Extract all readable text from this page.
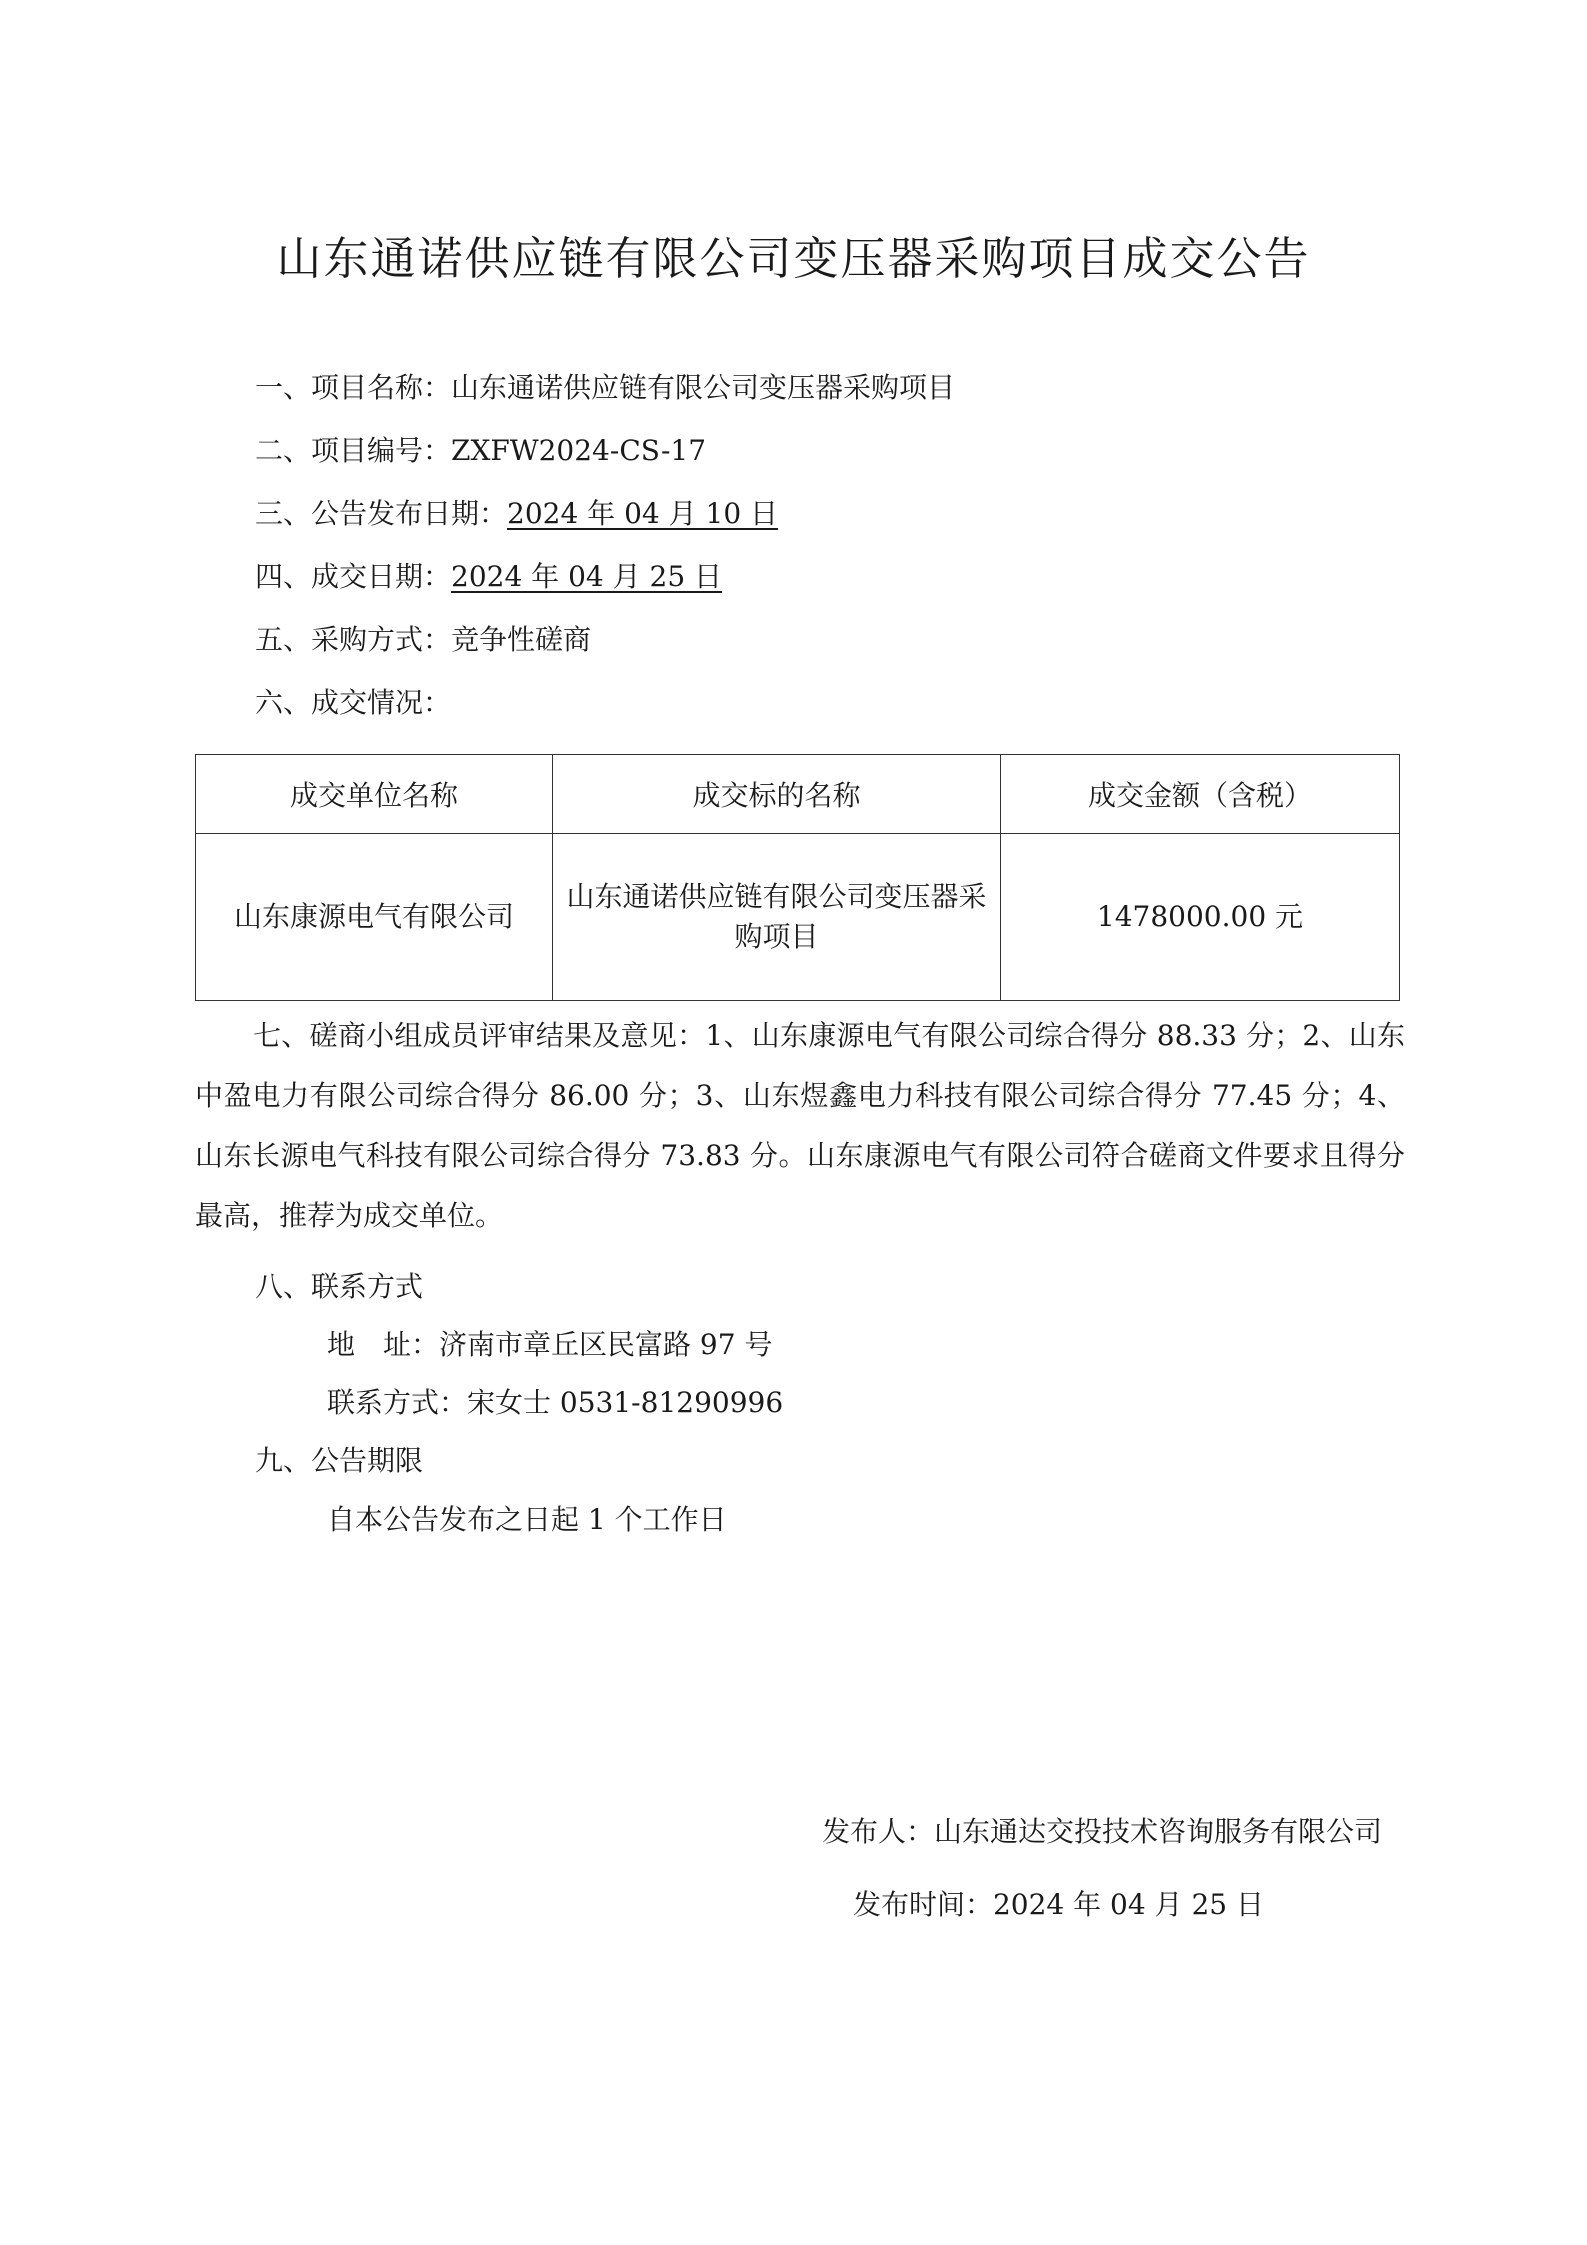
山东通诺供应链有限公司变压器采购项目成交公告
一、项目名称：山东通诺供应链有限公司变压器采购项目
二、项目编号：ZXFW2024-CS-17
三、公告发布日期：2024 年 04 月 10 日
四、成交日期：2024 年 04 月 25 日
五、采购方式：竞争性磋商
六、成交情况：
成交单位名称	成交标的名称	成交金额（含税）
山东康源电气有限公司	山东通诺供应链有限公司变压器采购项目	1478000.00 元
七、磋商小组成员评审结果及意见：1、山东康源电气有限公司综合得分 88.33 分；2、山东中盈电力有限公司综合得分 86.00 分；3、山东煜鑫电力科技有限公司综合得分 77.45 分；4、山东长源电气科技有限公司综合得分 73.83 分。山东康源电气有限公司符合磋商文件要求且得分最高，推荐为成交单位。
八、联系方式
地　址：济南市章丘区民富路 97 号
联系方式：宋女士 0531-81290996
九、公告期限
自本公告发布之日起 1 个工作日
发布人：山东通达交投技术咨询服务有限公司
发布时间：2024 年 04 月 25 日
